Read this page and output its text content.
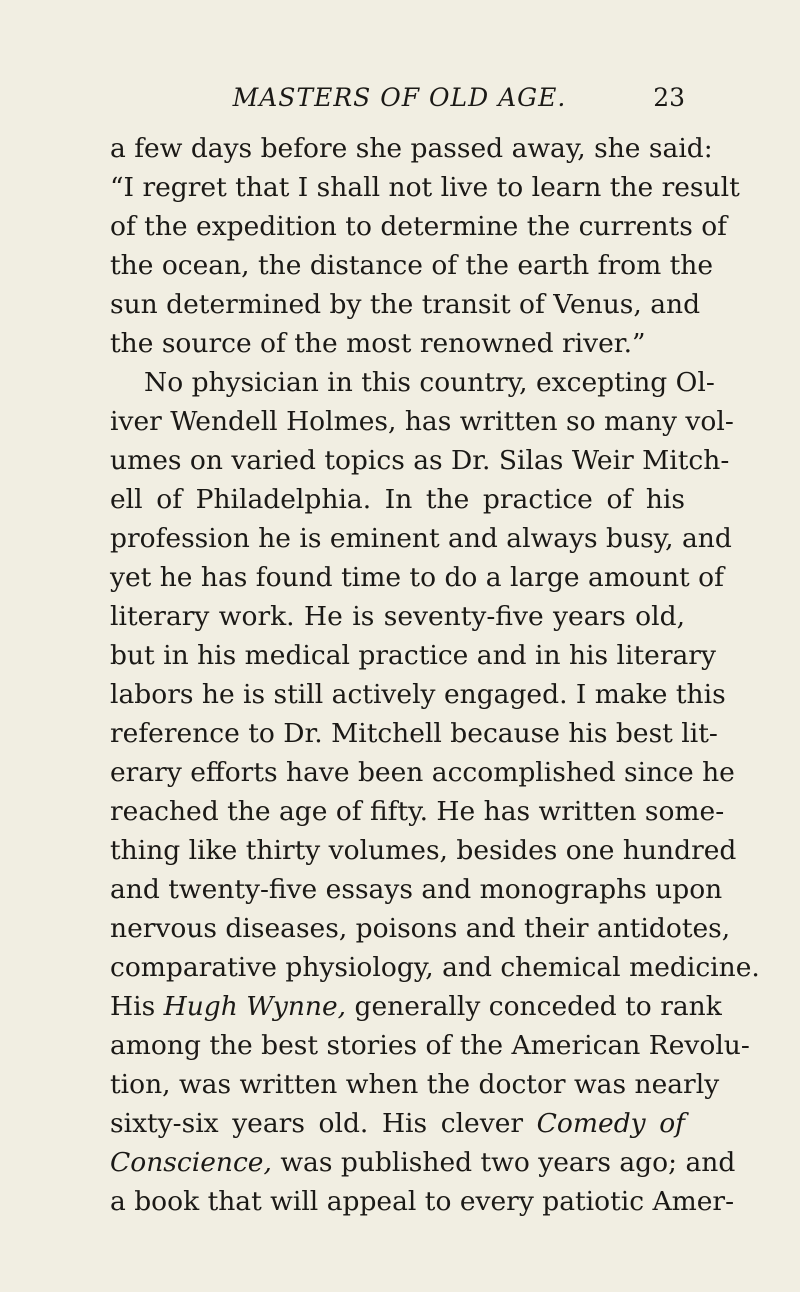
MASTERS OF OLD AGE.	23
a few days before she passed away, she said:
“I regret that I shall not live to learn the result
of the expedition to determine the currents of
the ocean, the distance of the earth from the
sun determined by the transit of Venus, and
the source of the most renowned river.”
No physician in this country, excepting Ol-
iver Wendell Holmes, has written so many vol-
umes on varied topics as Dr. Silas Weir Mitch-
ell of Philadelphia. In the practice of his
profession he is eminent and always busy, and
yet he has found time to do a large amount of
literary work. He is seventy-five years old,
but in his medical practice and in his literary
labors he is still actively engaged. I make this
reference to Dr. Mitchell because his best lit-
erary efforts have been accomplished since he
reached the age of fifty. He has written some-
thing like thirty volumes, besides one hundred
and twenty-five essays and monographs upon
nervous diseases, poisons and their antidotes,
comparative physiology, and chemical medicine.
His Hugh Wynne, generally conceded to rank
among the best stories of the American Revolu-
tion, was written when the doctor was nearly
sixty-six years old. His clever Comedy of
Conscience, was published two years ago; and
a book that will appeal to every patiotic Amer-
